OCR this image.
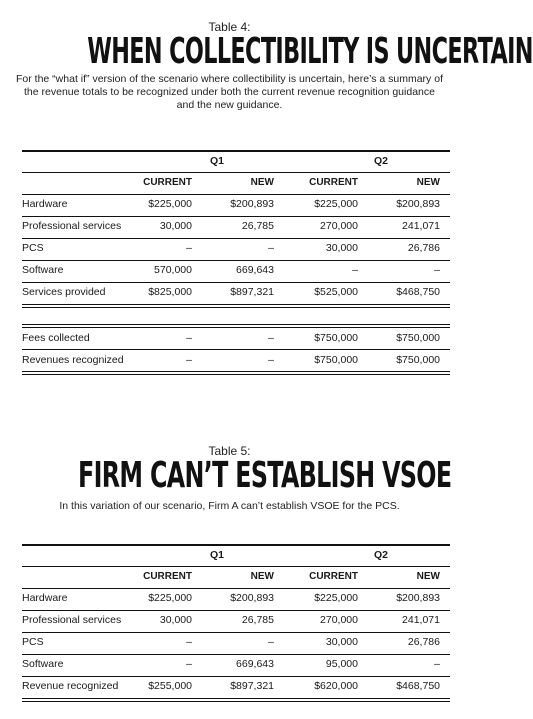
Table 4:
WHEN COLLECTIBILITY IS UNCERTAIN
For the “what if” version of the scenario where collectibility is uncertain, here’s a summary of the revenue totals to be recognized under both the current revenue recognition guidance and the new guidance.
Q1	Q2
CURRENT	NEW	CURRENT	NEW
Hardware	$225,000	$200,893	$225,000	$200,893
Professional services	30,000	26,785	270,000	241,071
PCS	–	–	30,000	26,786
Software	570,000	669,643	–	–
Services provided	$825,000	$897,321	$525,000	$468,750
Fees collected	–	–	$750,000	$750,000
Revenues recognized	–	–	$750,000	$750,000
Table 5:
FIRM CAN’T ESTABLISH VSOE
In this variation of our scenario, Firm A can’t establish VSOE for the PCS.
Q1	Q2
CURRENT	NEW	CURRENT	NEW
Hardware	$225,000	$200,893	$225,000	$200,893
Professional services	30,000	26,785	270,000	241,071
PCS	–	–	30,000	26,786
Software	–	669,643	95,000	–
Revenue recognized	$255,000	$897,321	$620,000	$468,750
